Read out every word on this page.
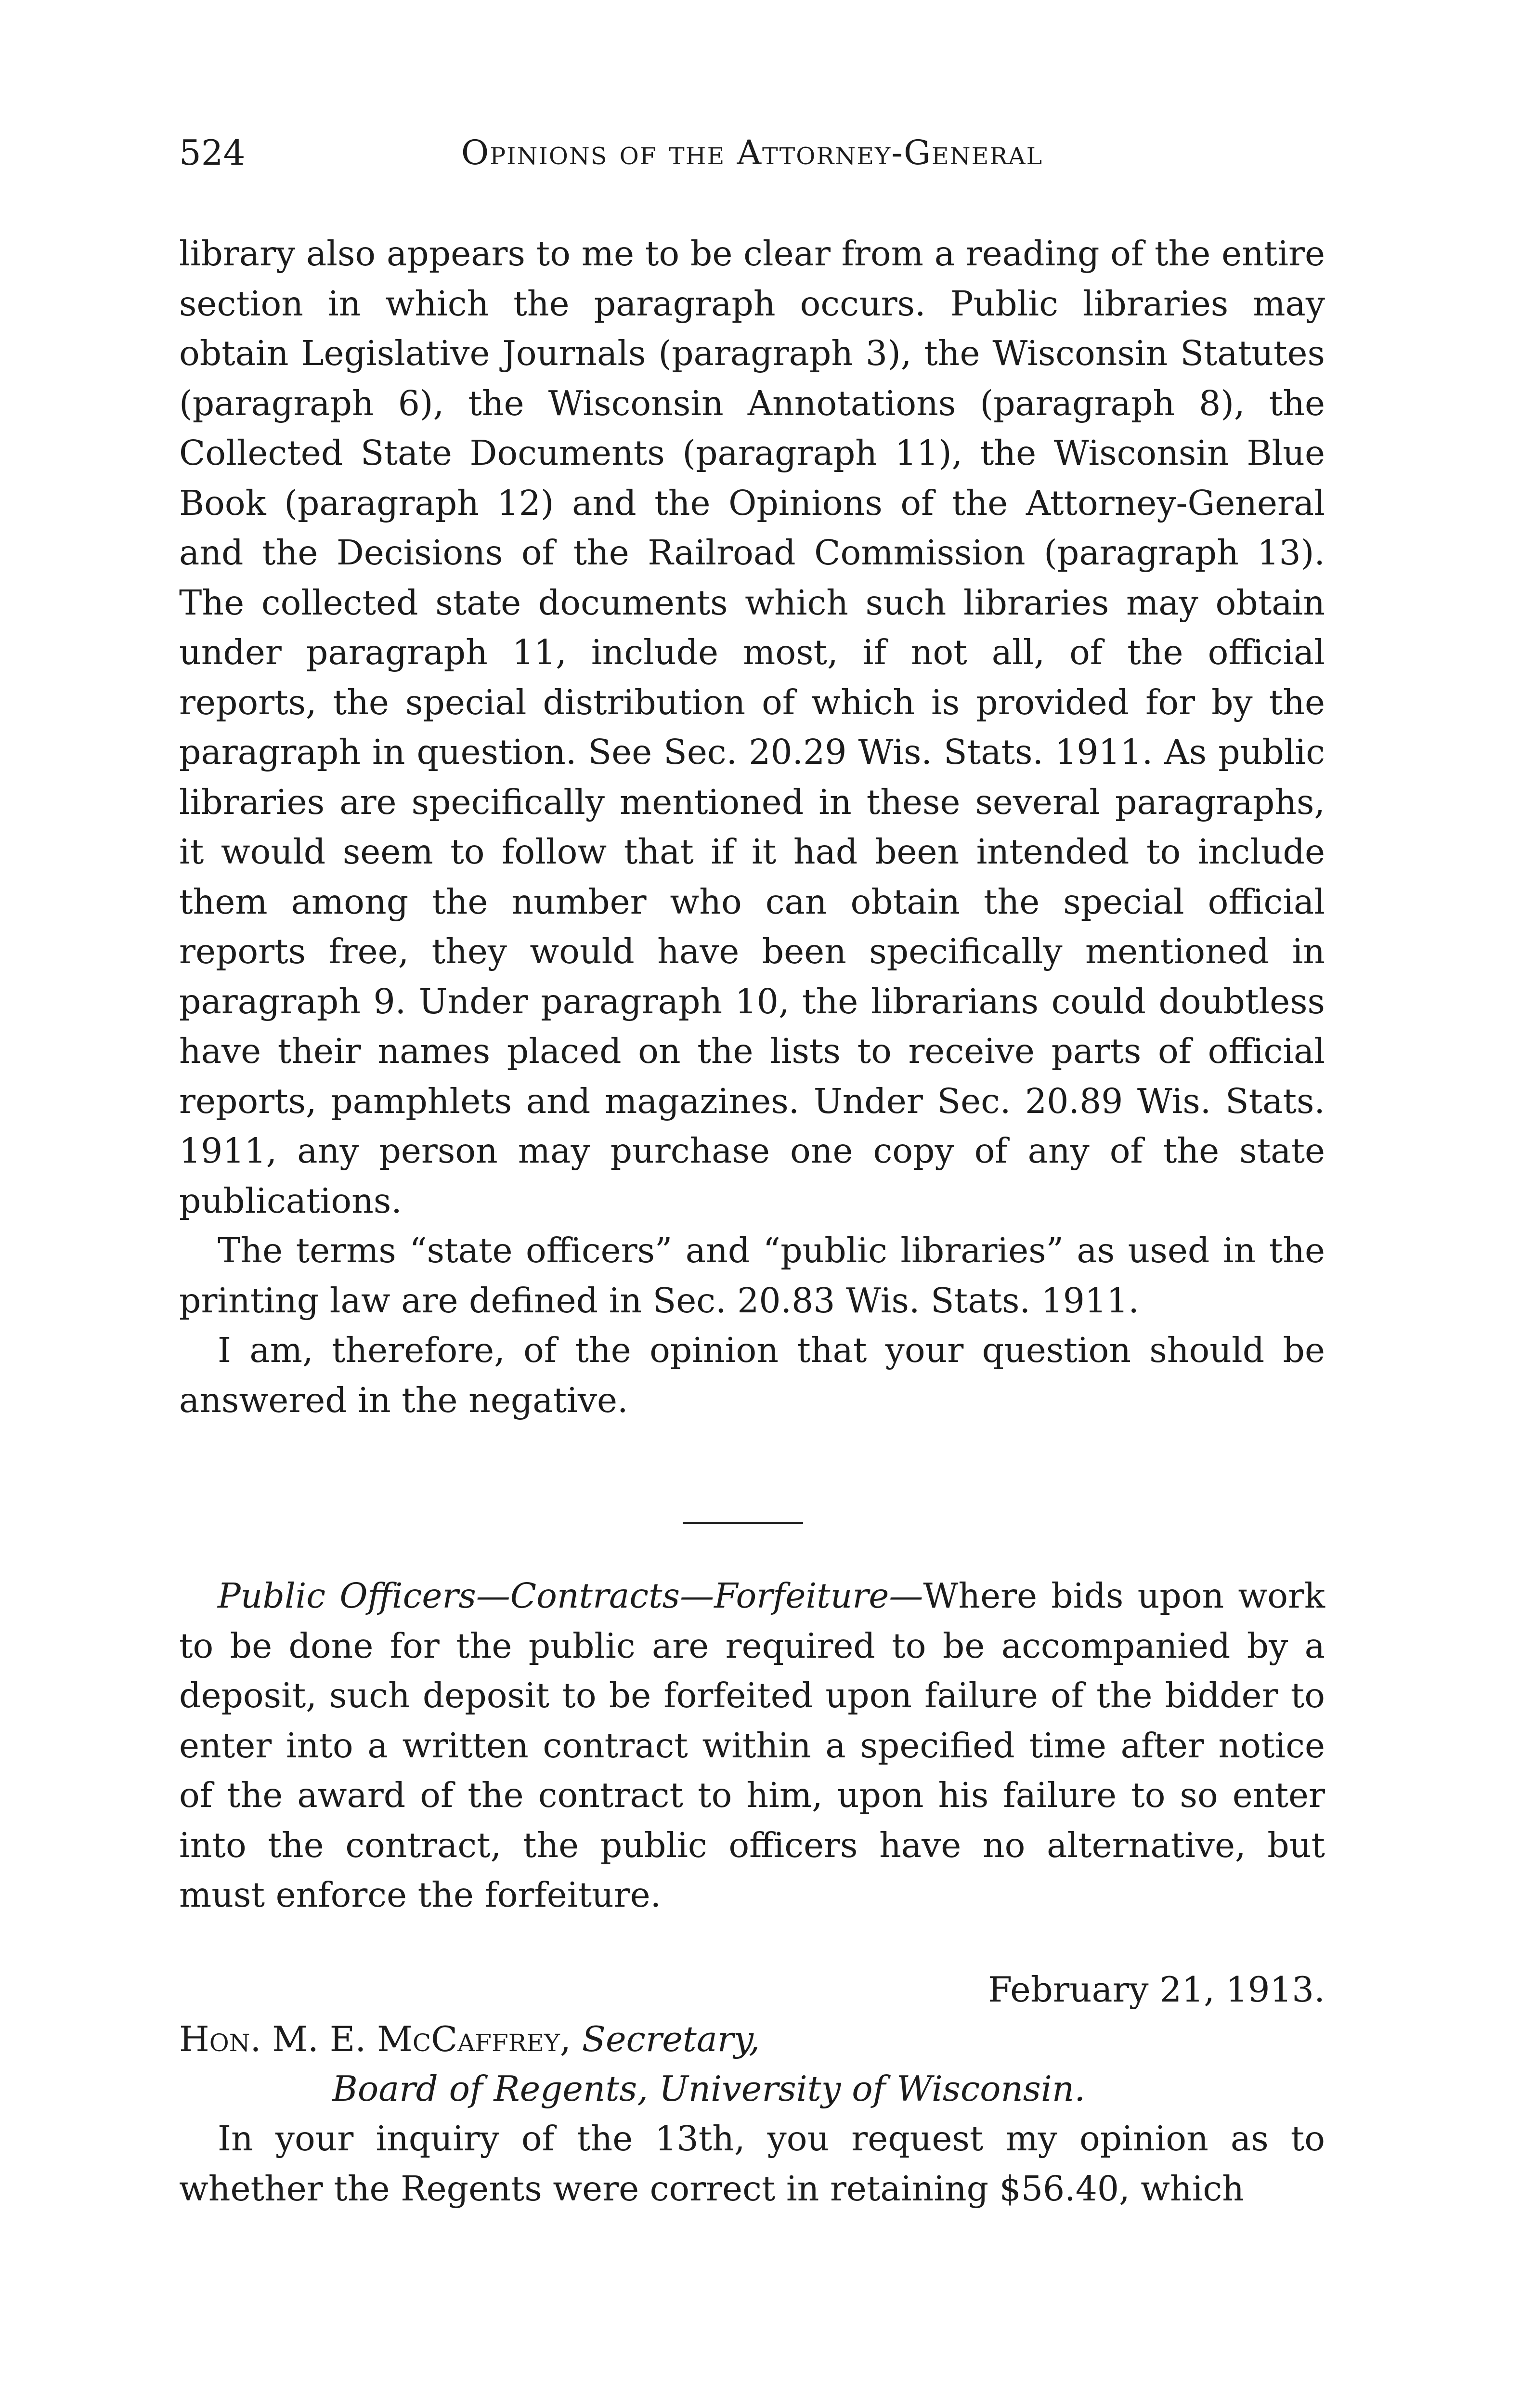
524	Opinions of the Attorney-General

library also appears to me to be clear from a reading of the entire section in which the paragraph occurs. Public libraries may obtain Legislative Journals (paragraph 3), the Wisconsin Statutes (paragraph 6), the Wisconsin Annotations (paragraph 8), the Collected State Documents (paragraph 11), the Wisconsin Blue Book (paragraph 12) and the Opinions of the Attorney-General and the Decisions of the Railroad Commission (paragraph 13). The collected state documents which such libraries may obtain under paragraph 11, include most, if not all, of the official reports, the special distribution of which is provided for by the paragraph in question. See Sec. 20.29 Wis. Stats. 1911. As public libraries are specifically mentioned in these several paragraphs, it would seem to follow that if it had been intended to include them among the number who can obtain the special official reports free, they would have been specifically mentioned in paragraph 9. Under paragraph 10, the librarians could doubtless have their names placed on the lists to receive parts of official reports, pamphlets and magazines. Under Sec. 20.89 Wis. Stats. 1911, any person may purchase one copy of any of the state publications.

The terms “state officers” and “public libraries” as used in the printing law are defined in Sec. 20.83 Wis. Stats. 1911.

I am, therefore, of the opinion that your question should be answered in the negative.

Public Officers—Contracts—Forfeiture—Where bids upon work to be done for the public are required to be accompanied by a deposit, such deposit to be forfeited upon failure of the bidder to enter into a written contract within a specified time after notice of the award of the contract to him, upon his failure to so enter into the contract, the public officers have no alternative, but must enforce the forfeiture.

February 21, 1913.
Hon. M. E. McCaffrey, Secretary,
Board of Regents, University of Wisconsin.

In your inquiry of the 13th, you request my opinion as to whether the Regents were correct in retaining $56.40, which
